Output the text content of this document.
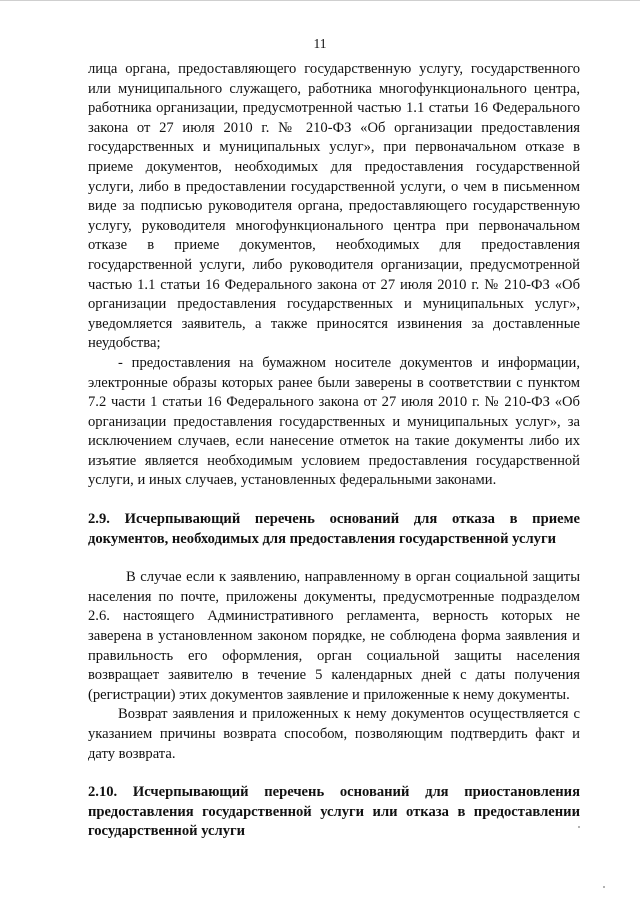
11

лица органа, предоставляющего государственную услугу, государственного или муниципального служащего, работника многофункционального центра, работника организации, предусмотренной частью 1.1 статьи 16 Федерального закона от 27 июля 2010 г. № 210-ФЗ «Об организации предоставления государственных и муниципальных услуг», при первоначальном отказе в приеме документов, необходимых для предоставления государственной услуги, либо в предоставлении государственной услуги, о чем в письменном виде за подписью руководителя органа, предоставляющего государственную услугу, руководителя многофункционального центра при первоначальном отказе в приеме документов, необходимых для предоставления государственной услуги, либо руководителя организации, предусмотренной частью 1.1 статьи 16 Федерального закона от 27 июля 2010 г. № 210-ФЗ «Об организации предоставления государственных и муниципальных услуг», уведомляется заявитель, а также приносятся извинения за доставленные неудобства;

- предоставления на бумажном носителе документов и информации, электронные образы которых ранее были заверены в соответствии с пунктом 7.2 части 1 статьи 16 Федерального закона от 27 июля 2010 г. № 210-ФЗ «Об организации предоставления государственных и муниципальных услуг», за исключением случаев, если нанесение отметок на такие документы либо их изъятие является необходимым условием предоставления государственной услуги, и иных случаев, установленных федеральными законами.

2.9. Исчерпывающий перечень оснований для отказа в приеме документов, необходимых для предоставления государственной услуги

В случае если к заявлению, направленному в орган социальной защиты населения по почте, приложены документы, предусмотренные подразделом 2.6. настоящего Административного регламента, верность которых не заверена в установленном законом порядке, не соблюдена форма заявления и правильность его оформления, орган социальной защиты населения возвращает заявителю в течение 5 календарных дней с даты получения (регистрации) этих документов заявление и приложенные к нему документы.

Возврат заявления и приложенных к нему документов осуществляется с указанием причины возврата способом, позволяющим подтвердить факт и дату возврата.

2.10. Исчерпывающий перечень оснований для приостановления предоставления государственной услуги или отказа в предоставлении государственной услуги
